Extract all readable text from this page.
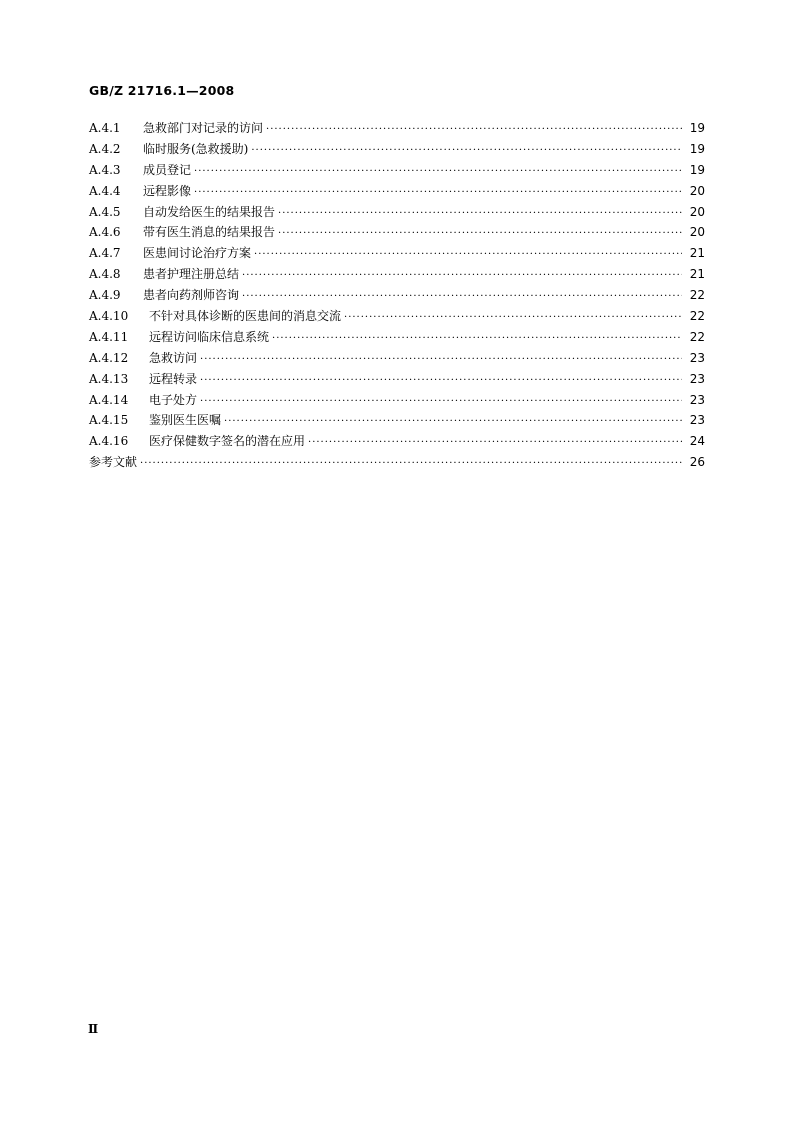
GB/Z 21716.1—2008
A.4.1	急救部门对记录的访问 ·····	19
A.4.2	临时服务(急救援助) ·····	19
A.4.3	成员登记 ·····	19
A.4.4	远程影像 ·····	20
A.4.5	自动发给医生的结果报告 ·····	20
A.4.6	带有医生消息的结果报告 ·····	20
A.4.7	医患间讨论治疗方案 ·····	21
A.4.8	患者护理注册总结 ·····	21
A.4.9	患者向药剂师咨询 ·····	22
A.4.10	不针对具体诊断的医患间的消息交流 ·····	22
A.4.11	远程访问临床信息系统 ·····	22
A.4.12	急救访问 ·····	23
A.4.13	远程转录 ·····	23
A.4.14	电子处方 ·····	23
A.4.15	鉴别医生医嘱 ·····	23
A.4.16	医疗保健数字签名的潜在应用 ·····	24
参考文献 ·····	26
Ⅱ
